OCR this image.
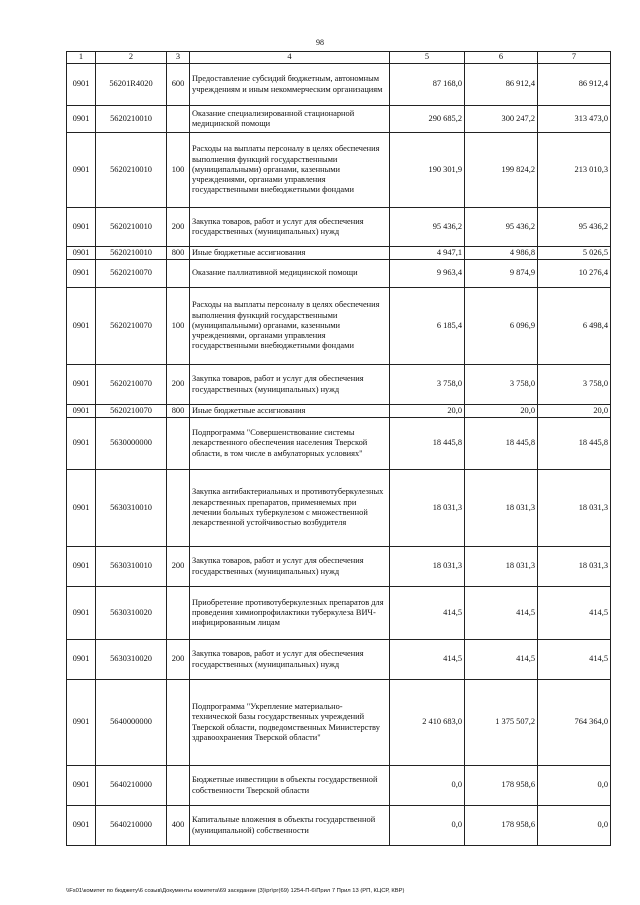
98
1	2	3	4	5	6	7
0901	56201R4020	600	Предоставление субсидий бюджетным, автономным учреждениям и иным некоммерческим организациям	87 168,0	86 912,4	86 912,4
0901	5620210010		Оказание специализированной стационарной медицинской помощи	290 685,2	300 247,2	313 473,0
0901	5620210010	100	Расходы на выплаты персоналу в целях обеспечения выполнения функций государственными (муниципальными) органами, казенными учреждениями, органами управления государственными внебюджетными фондами	190 301,9	199 824,2	213 010,3
0901	5620210010	200	Закупка товаров, работ и услуг для обеспечения государственных (муниципальных) нужд	95 436,2	95 436,2	95 436,2
0901	5620210010	800	Иные бюджетные ассигнования	4 947,1	4 986,8	5 026,5
0901	5620210070		Оказание паллиативной медицинской помощи	9 963,4	9 874,9	10 276,4
0901	5620210070	100	Расходы на выплаты персоналу в целях обеспечения выполнения функций государственными (муниципальными) органами, казенными учреждениями, органами управления государственными внебюджетными фондами	6 185,4	6 096,9	6 498,4
0901	5620210070	200	Закупка товаров, работ и услуг для обеспечения государственных (муниципальных) нужд	3 758,0	3 758,0	3 758,0
0901	5620210070	800	Иные бюджетные ассигнования	20,0	20,0	20,0
0901	5630000000		Подпрограмма "Совершенствование системы лекарственного обеспечения населения Тверской области, в том числе в амбулаторных условиях"	18 445,8	18 445,8	18 445,8
0901	5630310010		Закупка антибактериальных и противотуберкулезных лекарственных препаратов, применяемых при лечении больных туберкулезом с множественной лекарственной устойчивостью возбудителя	18 031,3	18 031,3	18 031,3
0901	5630310010	200	Закупка товаров, работ и услуг для обеспечения государственных (муниципальных) нужд	18 031,3	18 031,3	18 031,3
0901	5630310020		Приобретение противотуберкулезных препаратов для проведения химиопрофилактики туберкулеза ВИЧ-инфицированным лицам	414,5	414,5	414,5
0901	5630310020	200	Закупка товаров, работ и услуг для обеспечения государственных (муниципальных) нужд	414,5	414,5	414,5
0901	5640000000		Подпрограмма "Укрепление материально-технической базы государственных учреждений Тверской области, подведомственных Министерству здравоохранения Тверской области"	2 410 683,0	1 375 507,2	764 364,0
0901	5640210000		Бюджетные инвестиции в объекты государственной собственности Тверской области	0,0	178 958,6	0,0
0901	5640210000	400	Капитальные вложения в объекты государственной (муниципальной) собственности	0,0	178 958,6	0,0
\\Fs01\комитет по бюджету\6 созыв\Документы комитета\69 заседание (3)\рг\рг(69) 1254-П-6\Прил 7 Прил 13 (РП, КЦСР, КВР)
